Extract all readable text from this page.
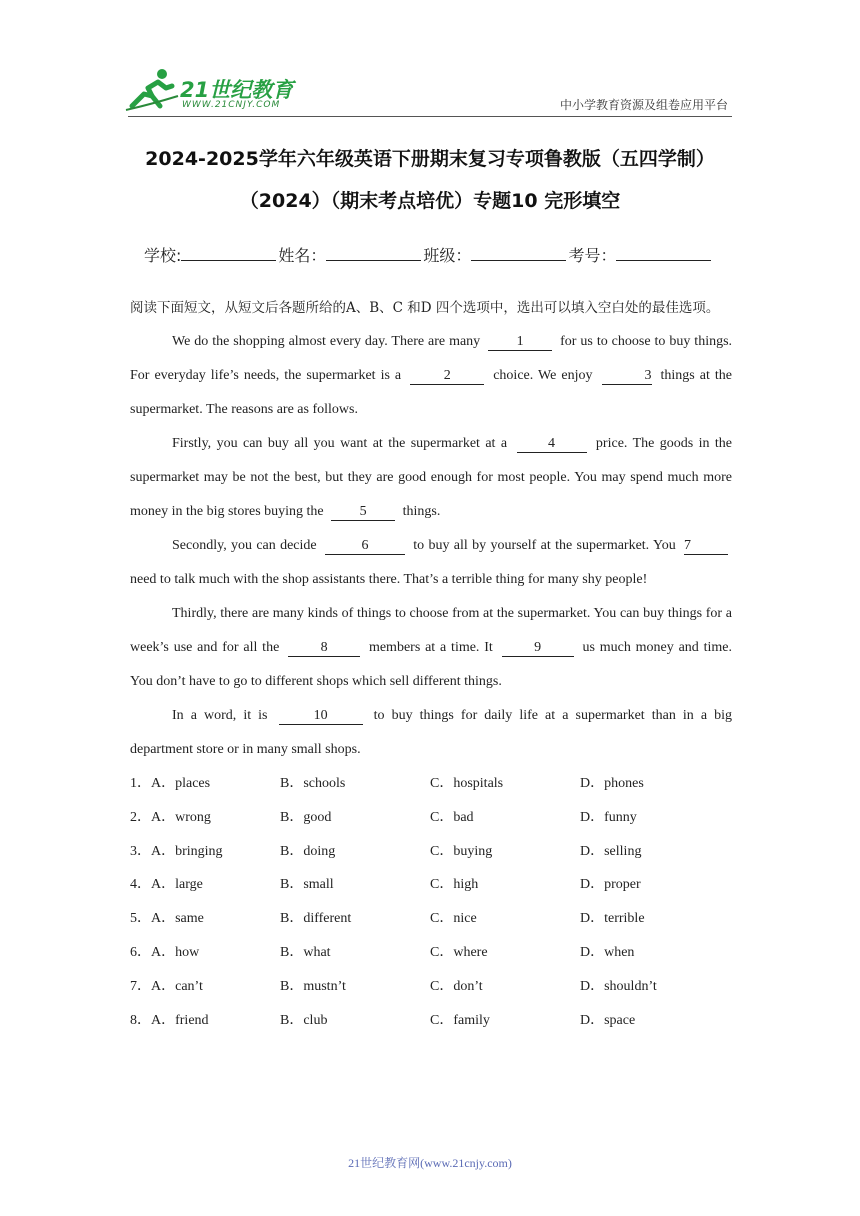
21世纪教育
WWW.21CNJY.COM	中小学教育资源及组卷应用平台
2024-2025学年六年级英语下册期末复习专项鲁教版（五四学制）
（2024）（期末考点培优）专题10 完形填空
学校:	姓名：	班级：	考号：

阅读下面短文，从短文后各题所给的A、B、C 和D 四个选项中，选出可以填入空白处的最佳选项。

We do the shopping almost every day. There are many	1	for us to choose to buy things. For everyday life’s needs, the supermarket is a	2	choice. We enjoy	3 things at the supermarket. The reasons are as follows.

Firstly, you can buy all you want at the supermarket at a	4	price. The goods in the supermarket may be not the best, but they are good enough for most people. You may spend much more money in the big stores buying the	5	things.

Secondly, you can decide	6	to buy all by yourself at the supermarket. You 7 need to talk much with the shop assistants there. That’s a terrible thing for many shy people!

Thirdly, there are many kinds of things to choose from at the supermarket. You can buy things for a week’s use and for all the	8	members at a time. It	9	us much money and time. You don’t have to go to different shops which sell different things.

In a word, it is	10	to buy things for daily life at a supermarket than in a big department store or in many small shops.

1．A．places	B．schools	C．hospitals	D．phones
2．A．wrong	B．good	C．bad	D．funny
3．A．bringing	B．doing	C．buying	D．selling
4．A．large	B．small	C．high	D．proper
5．A．same	B．different	C．nice	D．terrible
6．A．how	B．what	C．where	D．when
7．A．can’t	B．mustn’t	C．don’t	D．shouldn’t
8．A．friend	B．club	C．family	D．space
21世纪教育网(www.21cnjy.com)
